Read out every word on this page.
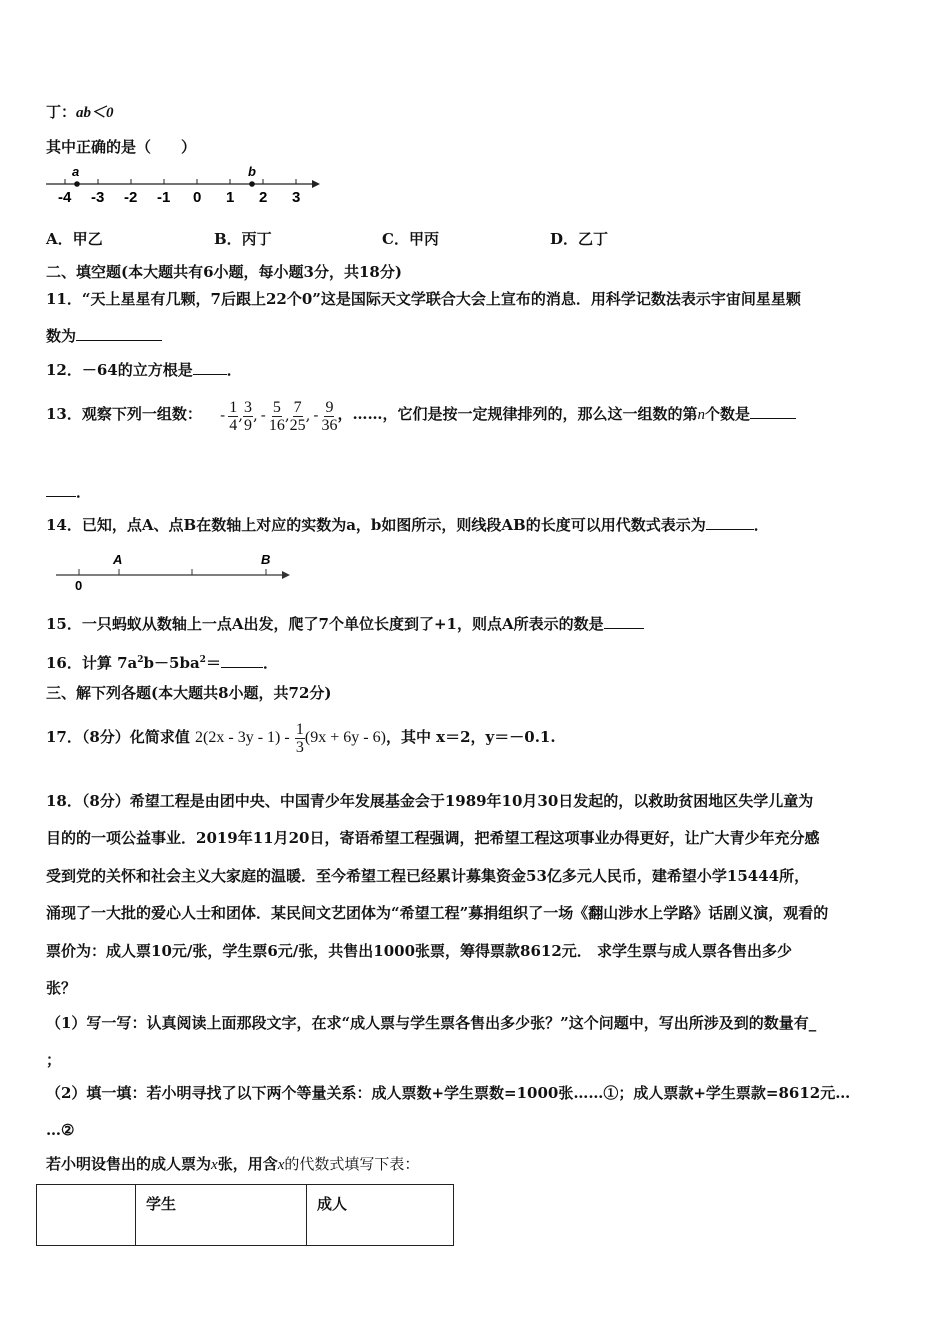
丁：ab＜0
其中正确的是（　　）
-4 -3 -2 -1 0 1 2 3
a	b
A．甲乙	B．丙丁	C．甲丙	D．乙丁
二、填空题(本大题共有6小题，每小题3分，共18分)
11．“天上星星有几颗，7后跟上22个0”这是国际天文学联合大会上宣布的消息．用科学记数法表示宇宙间星星颗
数为
12．－64的立方根是 ．
13．观察下列一组数： - $\frac{1}{4}$ , $\frac{3}{9}$ , - $\frac{5}{16}$ , $\frac{7}{25}$ , - $\frac{9}{36}$ ，……，它们是按一定规律排列的，那么这一组数的第n个数是
．
14．已知，点A、点B在数轴上对应的实数为a，b如图所示，则线段AB的长度可以用代数式表示为	．
0
A	B
15．一只蚂蚁从数轴上一点A出发，爬了7个单位长度到了+1，则点A所表示的数是
16．计算 $7a^2b-5ba^2=$	．
三、解下列各题(本大题共8小题，共72分)
17．（8分）化简求值 $2(2x - 3y - 1) - \frac{1}{3} (9x + 6y - 6)$，其中 x＝2，y＝－0.1.
18．（8分）希望工程是由团中央、中国青少年发展基金会于1989年10月30日发起的，以救助贫困地区失学儿童为
目的的一项公益事业．2019年11月20日，寄语希望工程强调，把希望工程这项事业办得更好，让广大青少年充分感
受到党的关怀和社会主义大家庭的温暖．至今希望工程已经累计募集资金53亿多元人民币，建希望小学15444所，
涌现了一大批的爱心人士和团体．某民间文艺团体为“希望工程”募捐组织了一场《翻山涉水上学路》话剧义演，观看的
票价为：成人票10元/张，学生票6元/张，共售出1000张票，筹得票款8612元． 求学生票与成人票各售出多少
张？
（1）写一写：认真阅读上面那段文字，在求“成人票与学生票各售出多少张？”这个问题中，写出所涉及到的数量有_
；
（2）填一填：若小明寻找了以下两个等量关系：成人票数+学生票数=1000张……①；成人票款+学生票款=8612元…
…②
若小明设售出的成人票为x张，用含x的代数式填写下表：
	学生	成人
